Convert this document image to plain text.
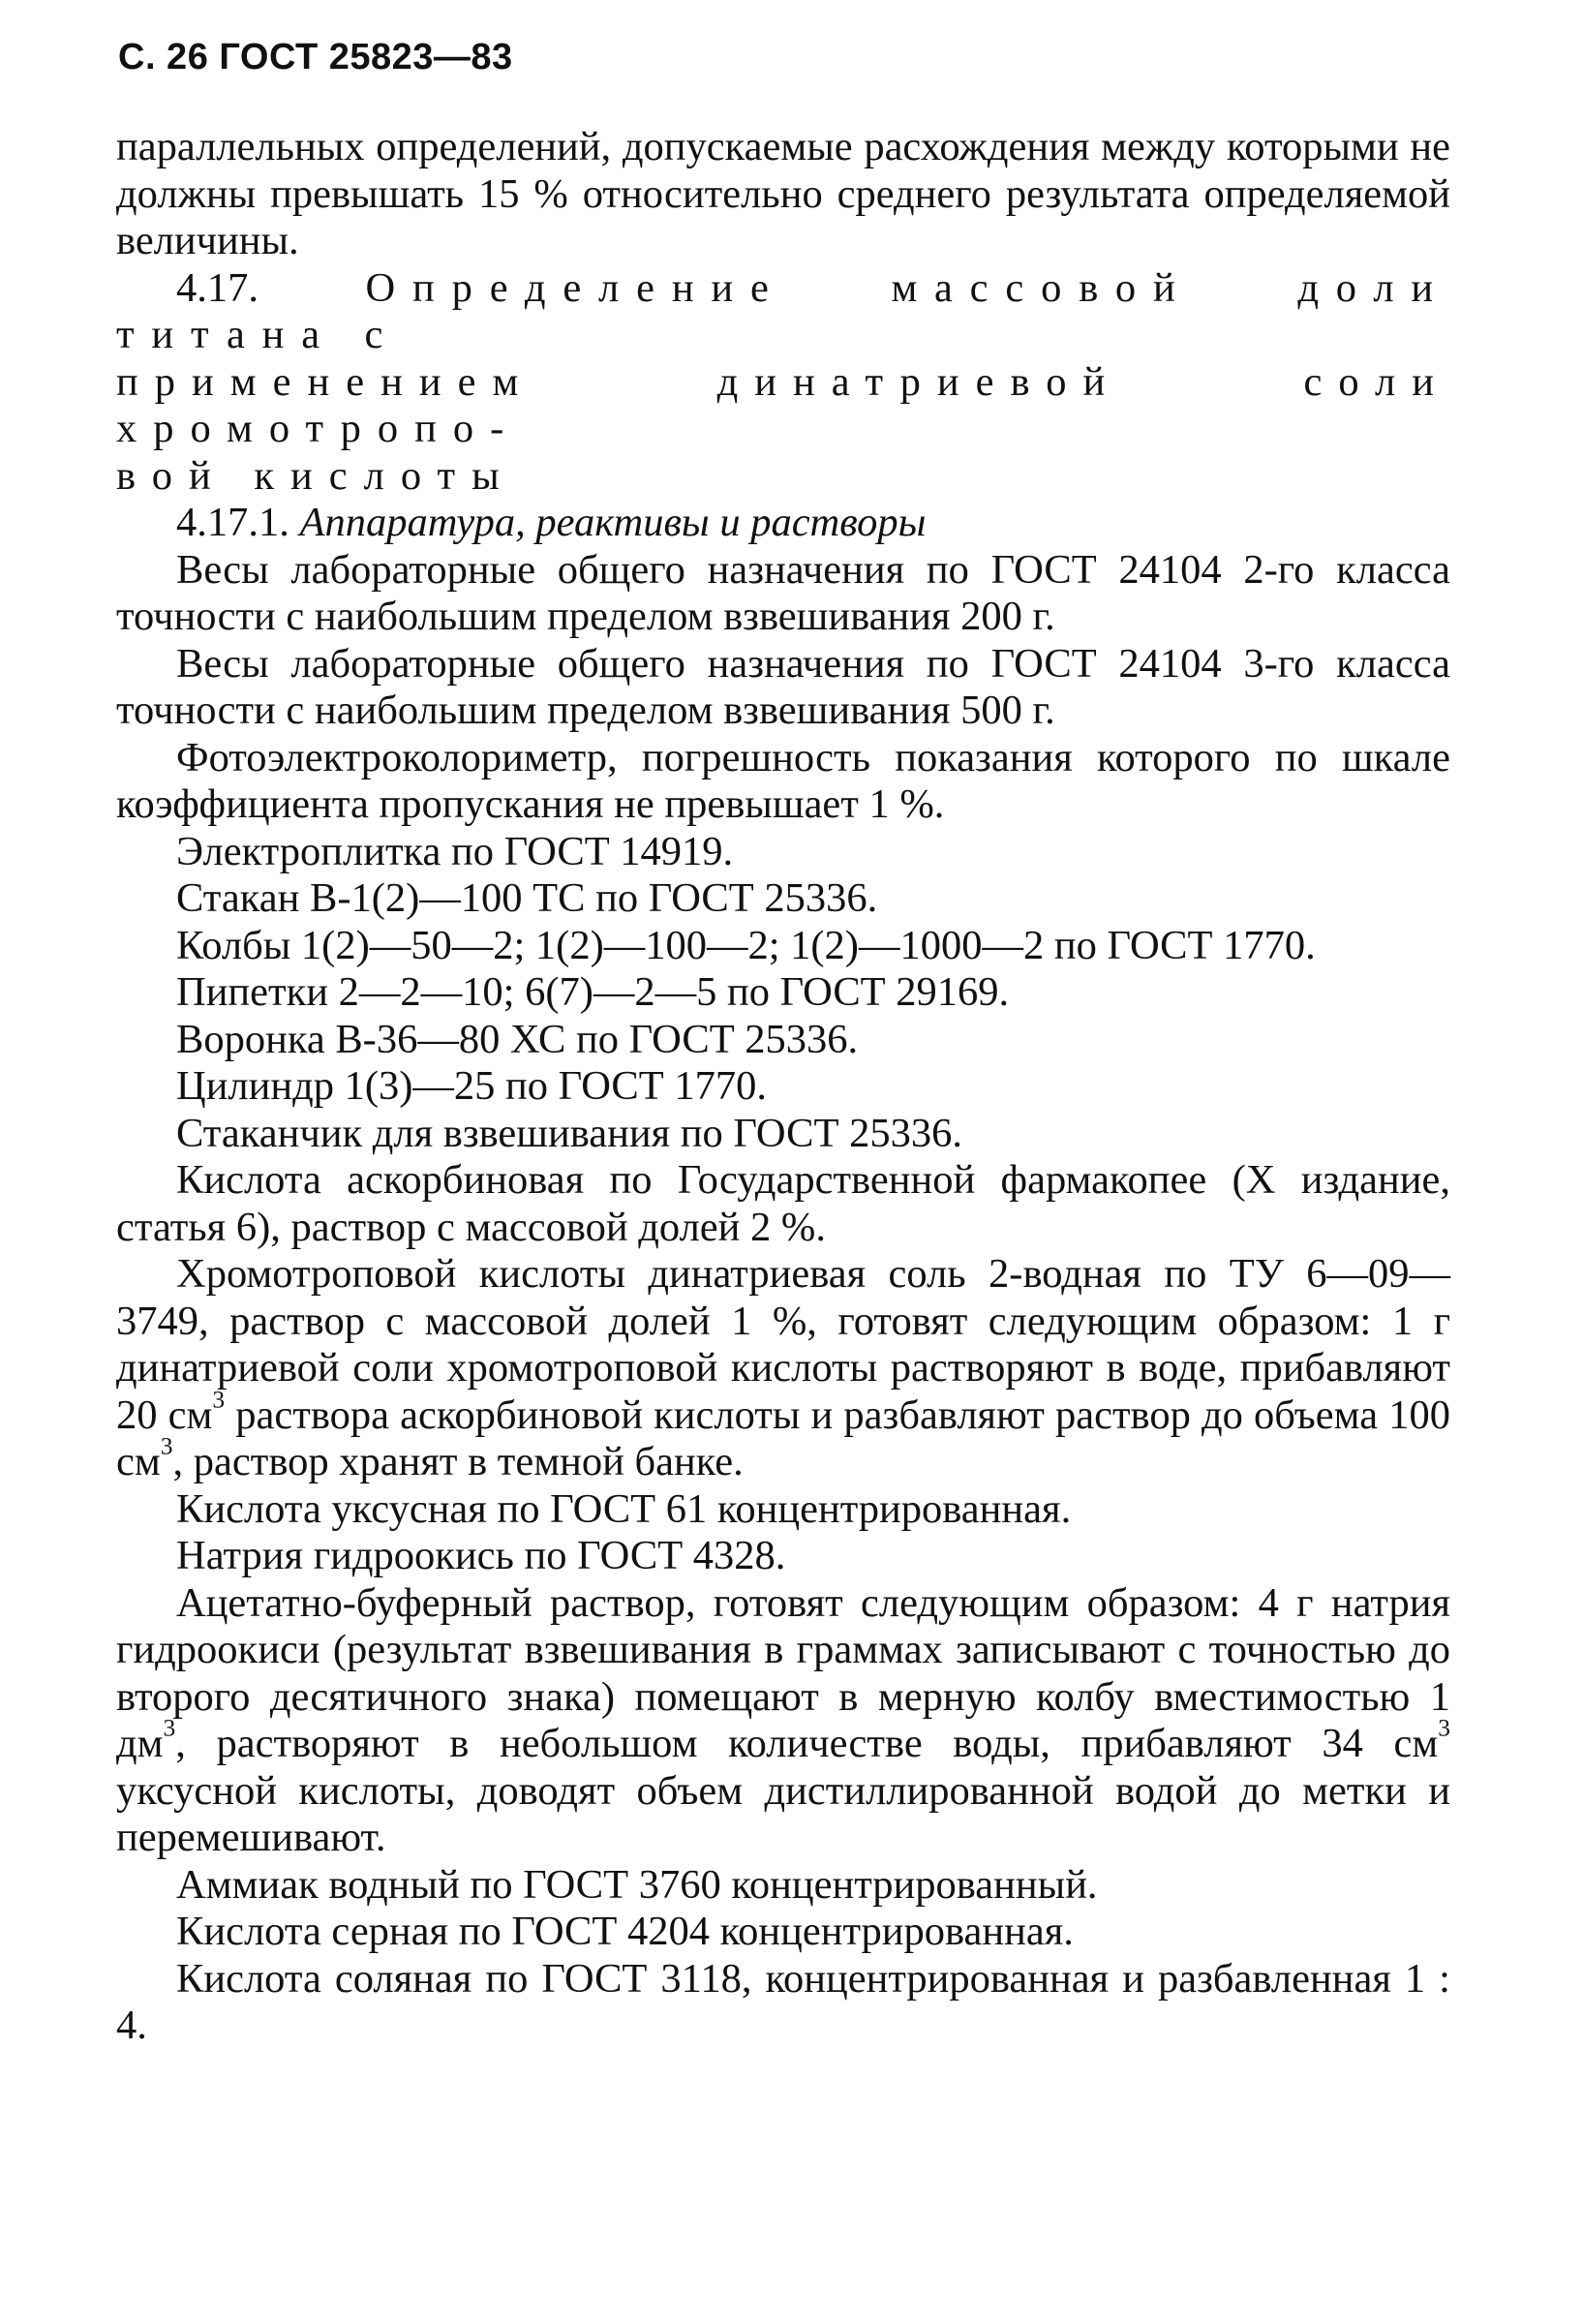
С. 26 ГОСТ 25823—83

параллельных определений, допускаемые расхождения между которыми не должны превышать 15 % относительно среднего результата определяемой величины.

4.17.	Определение массовой доли титана с

применением динатриевой соли хромотропо-

вой кислоты

4.17.1. Аппаратура, реактивы и растворы

Весы лабораторные общего назначения по ГОСТ 24104 2-го класса точности с наибольшим пределом взвешивания 200 г.

Весы лабораторные общего назначения по ГОСТ 24104 3-го класса точности с наибольшим пределом взвешивания 500 г.

Фотоэлектроколориметр, погрешность показания которого по шкале коэффициента пропускания не превышает 1 %.

Электроплитка по ГОСТ 14919.

Стакан В-1(2)—100 ТС по ГОСТ 25336.

Колбы 1(2)—50—2; 1(2)—100—2; 1(2)—1000—2 по ГОСТ 1770.

Пипетки 2—2—10; 6(7)—2—5 по ГОСТ 29169.

Воронка В-36—80 ХС по ГОСТ 25336.

Цилиндр 1(3)—25 по ГОСТ 1770.

Стаканчик для взвешивания по ГОСТ 25336.

Кислота аскорбиновая по Государственной фармакопее (X издание, статья 6), раствор с массовой долей 2 %.

Хромотроповой кислоты динатриевая соль 2-водная по ТУ 6—09—3749, раствор с массовой долей 1 %, готовят следующим образом: 1 г динатриевой соли хромотроповой кислоты растворяют в воде, прибавляют 20 $см^3$ раствора аскорбиновой кислоты и разбавляют раствор до объема 100 $см^3$, раствор хранят в темной банке.

Кислота уксусная по ГОСТ 61 концентрированная.

Натрия гидроокись по ГОСТ 4328.

Ацетатно-буферный раствор, готовят следующим образом: 4 г натрия гидроокиси (результат взвешивания в граммах записывают с точностью до второго десятичного знака) помещают в мерную колбу вместимостью 1 $дм^3$, растворяют в небольшом количестве воды, прибавляют 34 $см^3$ уксусной кислоты, доводят объем дистиллированной водой до метки и перемешивают.

Аммиак водный по ГОСТ 3760 концентрированный.

Кислота серная по ГОСТ 4204 концентрированная.

Кислота соляная по ГОСТ 3118, концентрированная и разбавленная 1 : 4.
